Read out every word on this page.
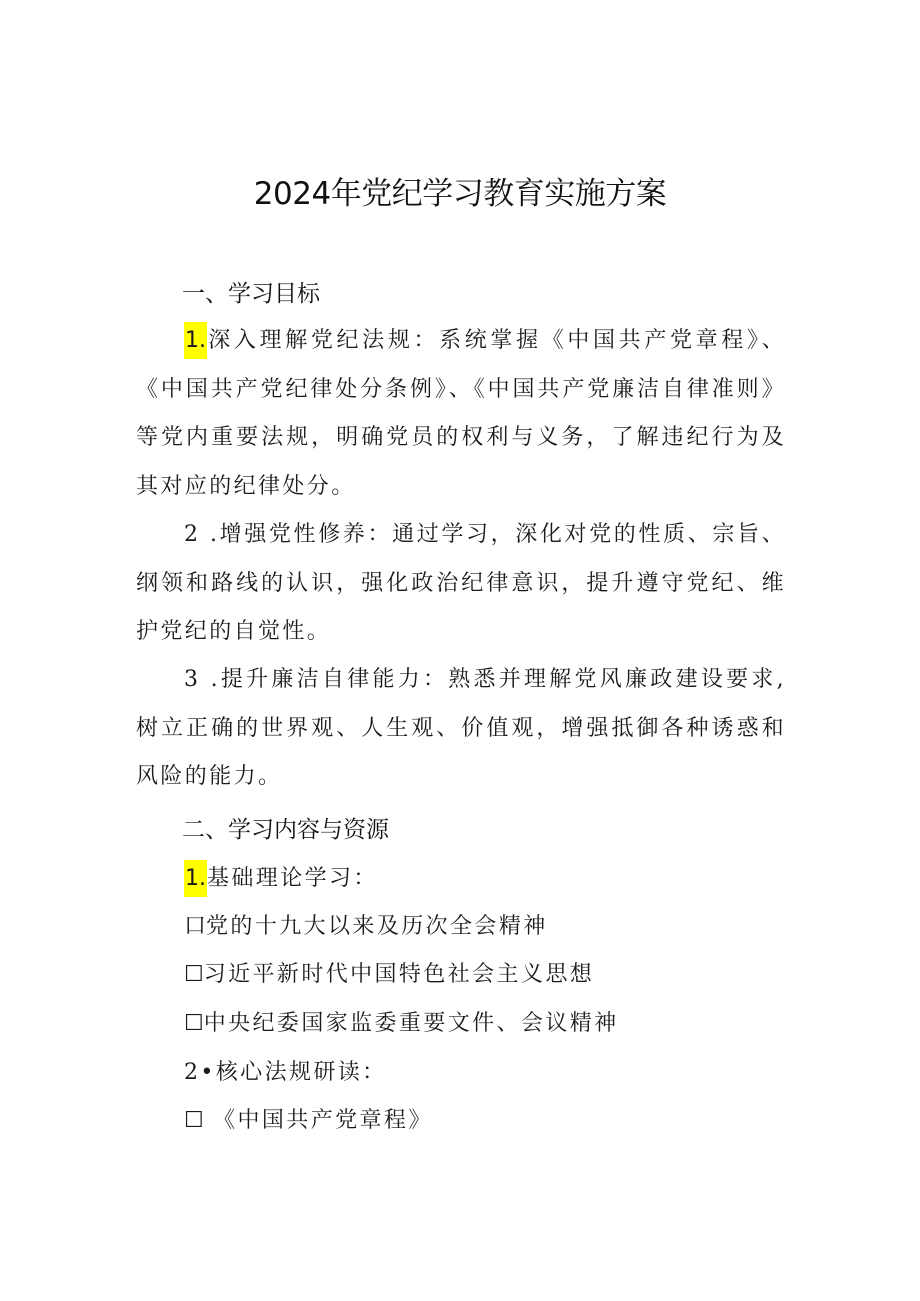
2024年党纪学习教育实施方案
一、学习目标
1.深入理解党纪法规：系统掌握《中国共产党章程》、《中国共产党纪律处分条例》、《中国共产党廉洁自律准则》等党内重要法规，明确党员的权利与义务，了解违纪行为及其对应的纪律处分。
2 .增强党性修养：通过学习，深化对党的性质、宗旨、纲领和路线的认识，强化政治纪律意识，提升遵守党纪、维护党纪的自觉性。
3 .提升廉洁自律能力：熟悉并理解党风廉政建设要求,树立正确的世界观、人生观、价值观，增强抵御各种诱惑和风险的能力。
二、学习内容与资源
1.基础理论学习：
口党的十九大以来及历次全会精神
☐习近平新时代中国特色社会主义思想
☐中央纪委国家监委重要文件、会议精神
2•核心法规研读：
☐ 《中国共产党章程》
